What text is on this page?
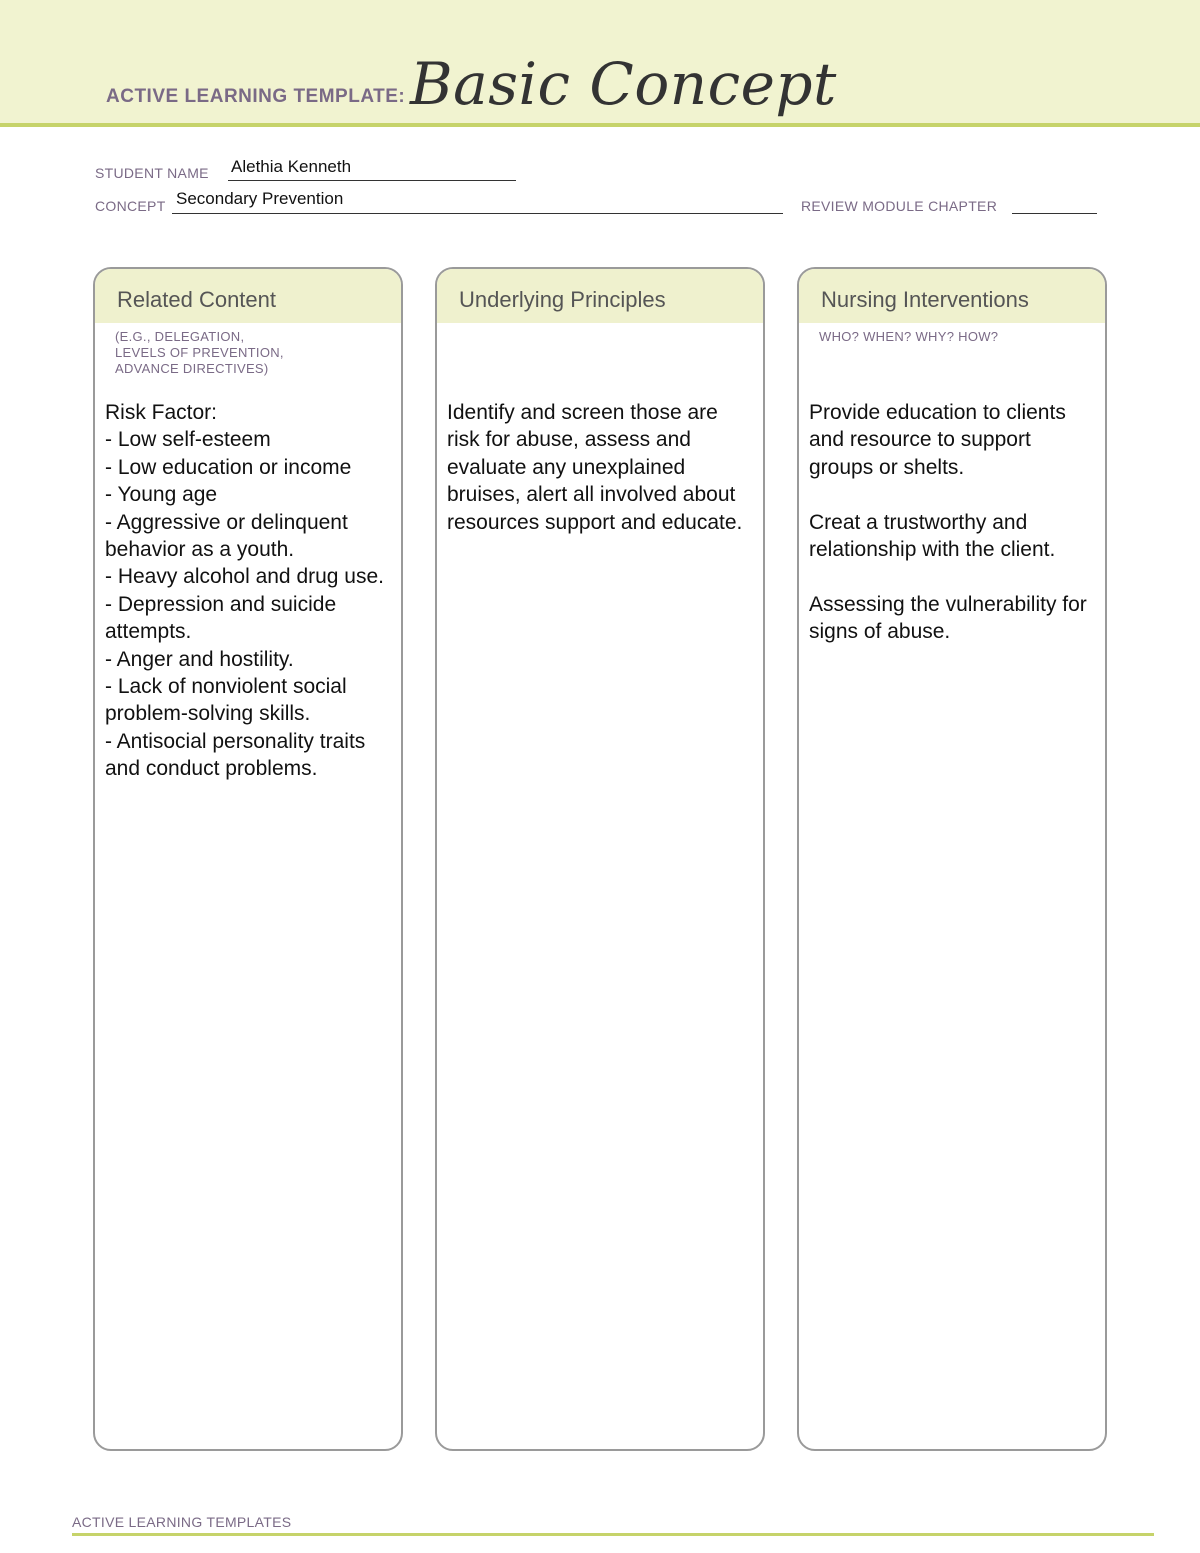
ACTIVE LEARNING TEMPLATE: Basic Concept
STUDENT NAME Alethia Kenneth
CONCEPT Secondary Prevention	REVIEW MODULE CHAPTER
Related Content
(E.G., DELEGATION,
LEVELS OF PREVENTION,
ADVANCE DIRECTIVES)
Risk Factor:
- Low self-esteem
- Low education or income
- Young age
- Aggressive or delinquent behavior as a youth.
- Heavy alcohol and drug use.
- Depression and suicide attempts.
- Anger and hostility.
- Lack of nonviolent social problem-solving skills.
- Antisocial personality traits and conduct problems.
Underlying Principles
Identify and screen those are risk for abuse, assess and evaluate any unexplained bruises, alert all involved about resources support and educate.
Nursing Interventions
WHO? WHEN? WHY? HOW?
Provide education to clients and resource to support groups or shelts.

Creat a trustworthy and relationship with the client.

Assessing the vulnerability for signs of abuse.
ACTIVE LEARNING TEMPLATES
